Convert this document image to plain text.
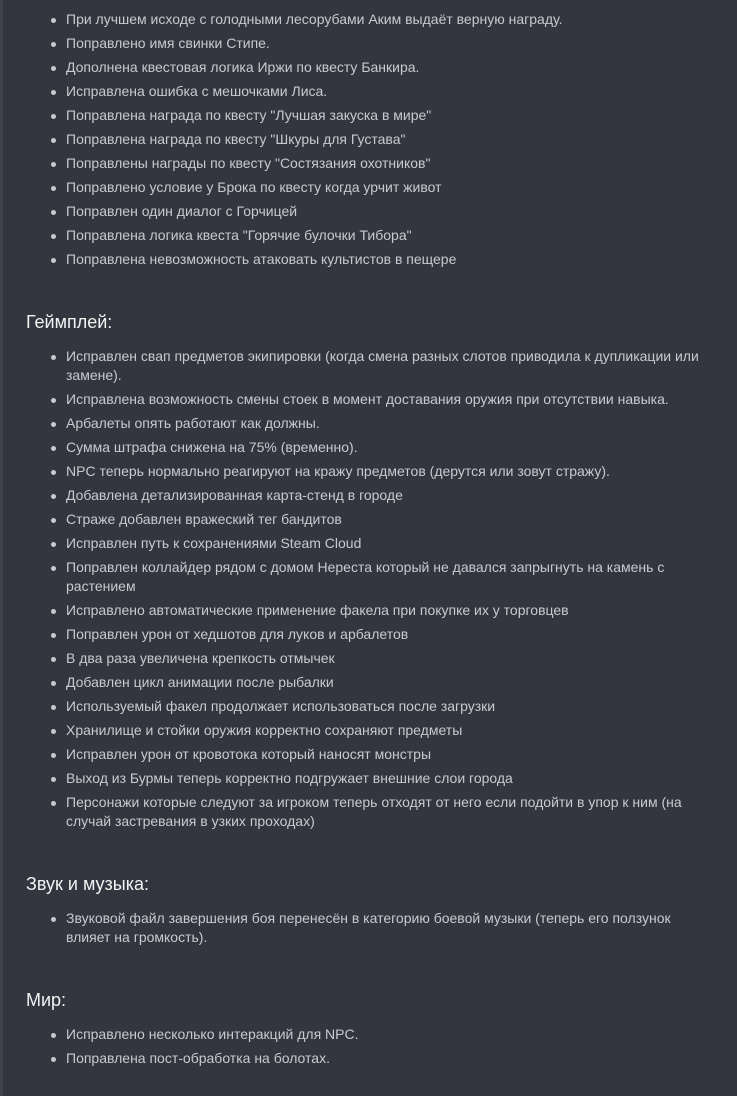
При лучшем исходе с голодными лесорубами Аким выдаёт верную награду.
Поправлено имя свинки Стипе.
Дополнена квестовая логика Иржи по квесту Банкира.
Исправлена ошибка с мешочками Лиса.
Поправлена награда по квесту "Лучшая закуска в мире"
Поправлена награда по квесту "Шкуры для Густава"
Поправлены награды по квесту "Состязания охотников"
Поправлено условие у Брока по квесту когда урчит живот
Поправлен один диалог с Горчицей
Поправлена логика квеста "Горячие булочки Тибора"
Поправлена невозможность атаковать культистов в пещере
Геймплей:
Исправлен свап предметов экипировки (когда смена разных слотов приводила к дупликации или замене).
Исправлена возможность смены стоек в момент доставания оружия при отсутствии навыка.
Арбалеты опять работают как должны.
Сумма штрафа снижена на 75% (временно).
NPC теперь нормально реагируют на кражу предметов (дерутся или зовут стражу).
Добавлена детализированная карта-стенд в городе
Страже добавлен вражеский тег бандитов
Исправлен путь к сохранениями Steam Cloud
Поправлен коллайдер рядом с домом Нереста который не давался запрыгнуть на камень с растением
Исправлено автоматические применение факела при покупке их у торговцев
Поправлен урон от хедшотов для луков и арбалетов
В два раза увеличена крепкость отмычек
Добавлен цикл анимации после рыбалки
Используемый факел продолжает использоваться после загрузки
Хранилище и стойки оружия корректно сохраняют предметы
Исправлен урон от кровотока который наносят монстры
Выход из Бурмы теперь корректно подгружает внешние слои города
Персонажи которые следуют за игроком теперь отходят от него если подойти в упор к ним (на случай застревания в узких проходах)
Звук и музыка:
Звуковой файл завершения боя перенесён в категорию боевой музыки (теперь его ползунок влияет на громкость).
Мир:
Исправлено несколько интеракций для NPC.
Поправлена пост-обработка на болотах.
